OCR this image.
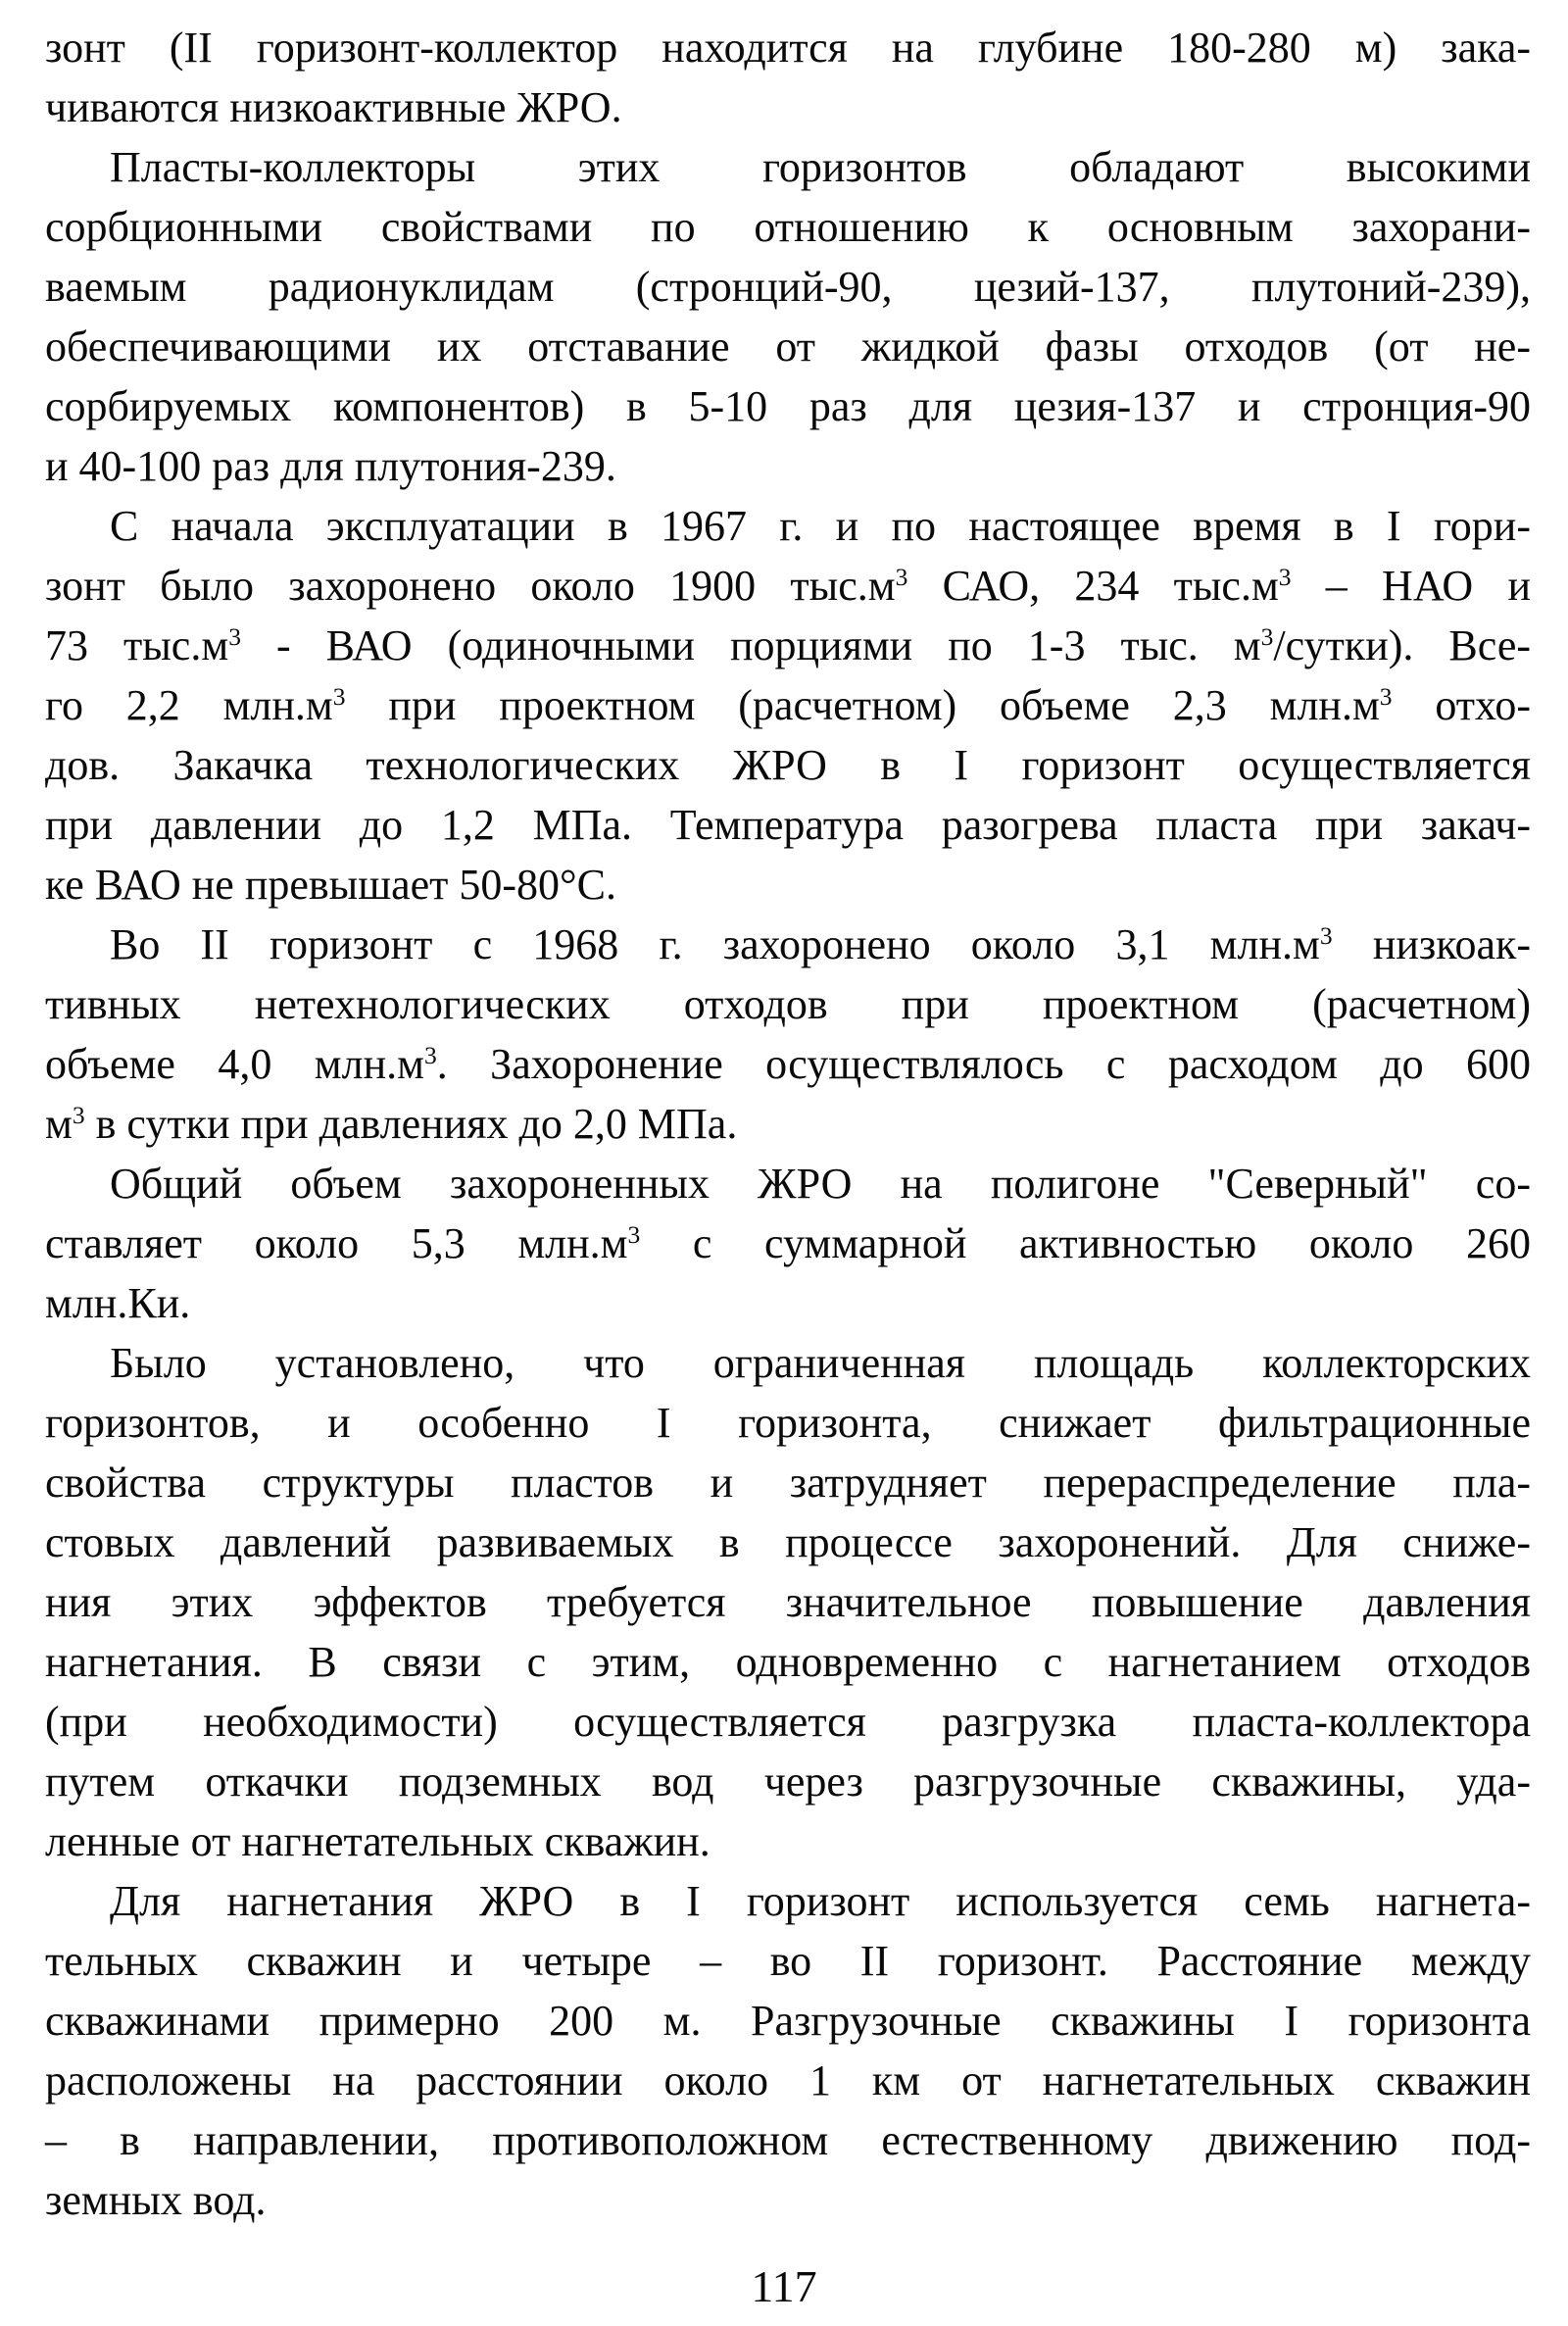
зонт (II горизонт-коллектор находится на глубине 180-280 м) зака-
чиваются низкоактивные ЖРО.
Пласты-коллекторы этих горизонтов обладают высокими
сорбционными свойствами по отношению к основным захорани-
ваемым радионуклидам (стронций-90, цезий-137, плутоний-239),
обеспечивающими их отставание от жидкой фазы отходов (от не-
сорбируемых компонентов) в 5-10 раз для цезия-137 и стронция-90
и 40-100 раз для плутония-239.
С начала эксплуатации в 1967 г. и по настоящее время в I гори-
зонт было захоронено около 1900 $тыс.м^3$ САО, 234 $тыс.м^3$ – НАО и
73 $тыс.м^3$ - ВАО (одиночными порциями по 1-3 тыс. $м^3/сутки$). Все-
го 2,2 $млн.м^3$ при проектном (расчетном) объеме 2,3 $млн.м^3$ отхо-
дов. Закачка технологических ЖРО в I горизонт осуществляется
при давлении до 1,2 МПа. Температура разогрева пласта при закач-
ке ВАО не превышает 50-80°С.
Во II горизонт с 1968 г. захоронено около 3,1 $млн.м^3$ низкоак-
тивных нетехнологических отходов при проектном (расчетном)
объеме 4,0 $млн.м^3$. Захоронение осуществлялось с расходом до 600
$м^3$ в сутки при давлениях до 2,0 МПа.
Общий объем захороненных ЖРО на полигоне "Северный" со-
ставляет около 5,3 $млн.м^3$ с суммарной активностью около 260
млн.Ки.
Было установлено, что ограниченная площадь коллекторских
горизонтов, и особенно I горизонта, снижает фильтрационные
свойства структуры пластов и затрудняет перераспределение пла-
стовых давлений развиваемых в процессе захоронений. Для сниже-
ния этих эффектов требуется значительное повышение давления
нагнетания. В связи с этим, одновременно с нагнетанием отходов
(при необходимости) осуществляется разгрузка пласта-коллектора
путем откачки подземных вод через разгрузочные скважины, уда-
ленные от нагнетательных скважин.
Для нагнетания ЖРО в I горизонт используется семь нагнета-
тельных скважин и четыре – во II горизонт. Расстояние между
скважинами примерно 200 м. Разгрузочные скважины I горизонта
расположены на расстоянии около 1 км от нагнетательных скважин
– в направлении, противоположном естественному движению под-
земных вод.
117
